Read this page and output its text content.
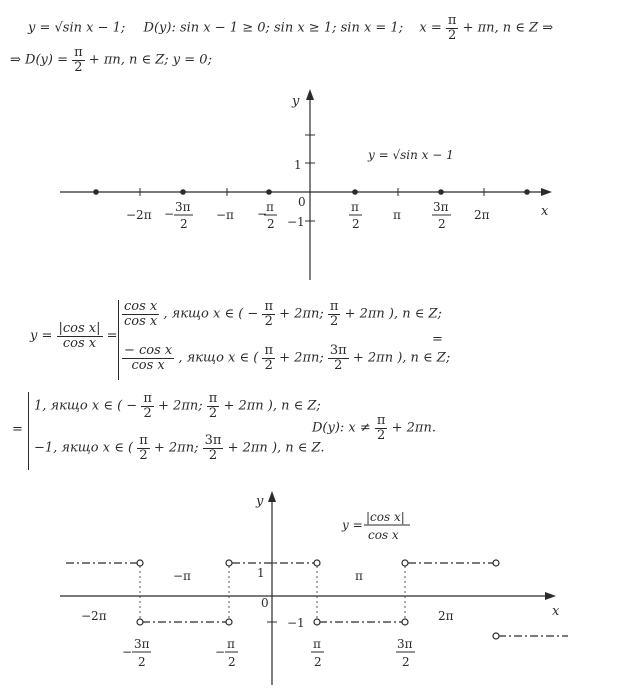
y = √sin x − 1; D(y): sin x − 1 ≥ 0; sin x ≥ 1; sin x = 1; $x = \frac{\pi}{2} + \pi n$, n ∈ Z ⇒
⇒ $D(y) = \frac{\pi}{2} + \pi n$, n ∈ Z; y = 0;
y
x
0
1
−1
y = √sin x − 1
−2π	−π	π	2π
− 3π
2
−
π
2
π
2
3π
2
$y = \frac{\text{|cos x|}}{\text{cos x}}$ =
$\frac{\text{cos x}}{\text{cos x}}$ , якщо x ∈ ( − $\frac{\pi}{2} + 2\pi n$; $\frac{\pi}{2} + 2\pi n$ ), n ∈ Z;
$\frac{\text{− cos x}}{\text{cos x}}$ , якщо x ∈ ( $\frac{\pi}{2} + 2\pi n$; $\frac{3\pi}{2} + 2\pi n$ ), n ∈ Z;
=
=
1, якщо x ∈ ( − $\frac{\pi}{2} + 2\pi n$; $\frac{\pi}{2} + 2\pi n$ ), n ∈ Z;
−1, якщо x ∈ ( $\frac{\pi}{2} + 2\pi n$; $\frac{3\pi}{2} + 2\pi n$ ), n ∈ Z.
D(y): $x \ne \frac{\pi}{2} + 2\pi n$.
y
x
0
1
−1
y =
|cos x|
cos x
−π	π
−2π	2π
−
3π
2
−
π
2
π
2
3π
2
